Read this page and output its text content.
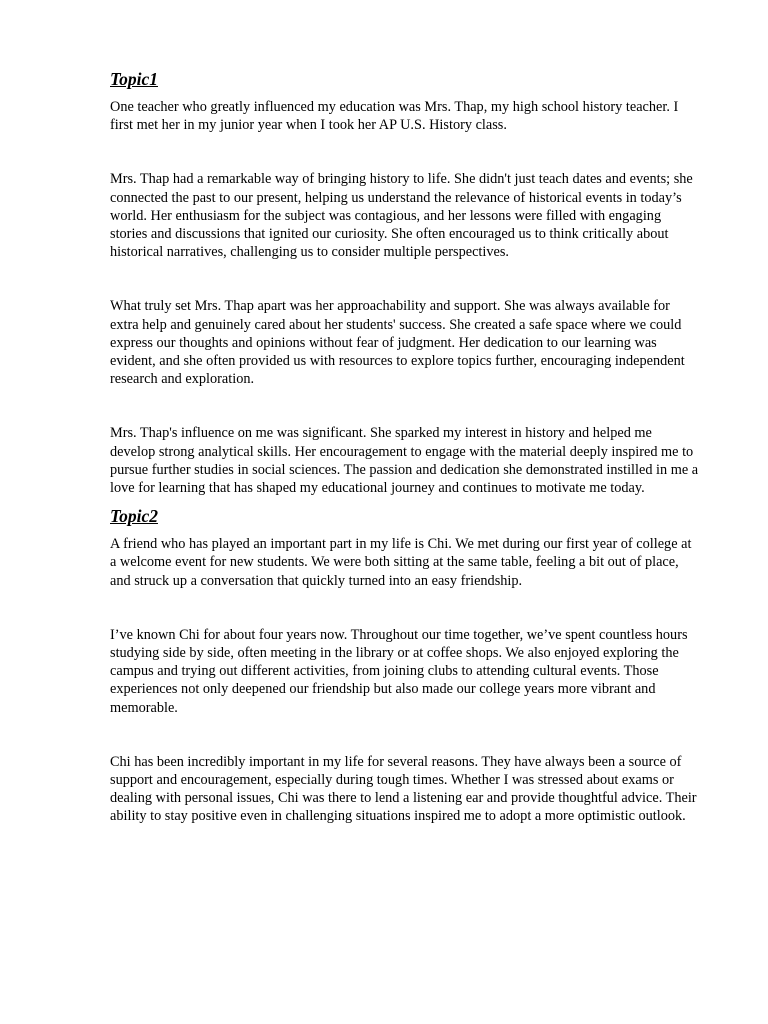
Topic1

One teacher who greatly influenced my education was Mrs. Thap, my high school history teacher. I first met her in my junior year when I took her AP U.S. History class.

Mrs. Thap had a remarkable way of bringing history to life. She didn't just teach dates and events; she connected the past to our present, helping us understand the relevance of historical events in today’s world. Her enthusiasm for the subject was contagious, and her lessons were filled with engaging stories and discussions that ignited our curiosity. She often encouraged us to think critically about historical narratives, challenging us to consider multiple perspectives.

What truly set Mrs. Thap apart was her approachability and support. She was always available for extra help and genuinely cared about her students' success. She created a safe space where we could express our thoughts and opinions without fear of judgment. Her dedication to our learning was evident, and she often provided us with resources to explore topics further, encouraging independent research and exploration.

Mrs. Thap's influence on me was significant. She sparked my interest in history and helped me develop strong analytical skills. Her encouragement to engage with the material deeply inspired me to pursue further studies in social sciences. The passion and dedication she demonstrated instilled in me a love for learning that has shaped my educational journey and continues to motivate me today.

Topic2

A friend who has played an important part in my life is Chi. We met during our first year of college at a welcome event for new students. We were both sitting at the same table, feeling a bit out of place, and struck up a conversation that quickly turned into an easy friendship.

I’ve known Chi for about four years now. Throughout our time together, we’ve spent countless hours studying side by side, often meeting in the library or at coffee shops. We also enjoyed exploring the campus and trying out different activities, from joining clubs to attending cultural events. Those experiences not only deepened our friendship but also made our college years more vibrant and memorable.

Chi has been incredibly important in my life for several reasons. They have always been a source of support and encouragement, especially during tough times. Whether I was stressed about exams or dealing with personal issues, Chi was there to lend a listening ear and provide thoughtful advice. Their ability to stay positive even in challenging situations inspired me to adopt a more optimistic outlook.
